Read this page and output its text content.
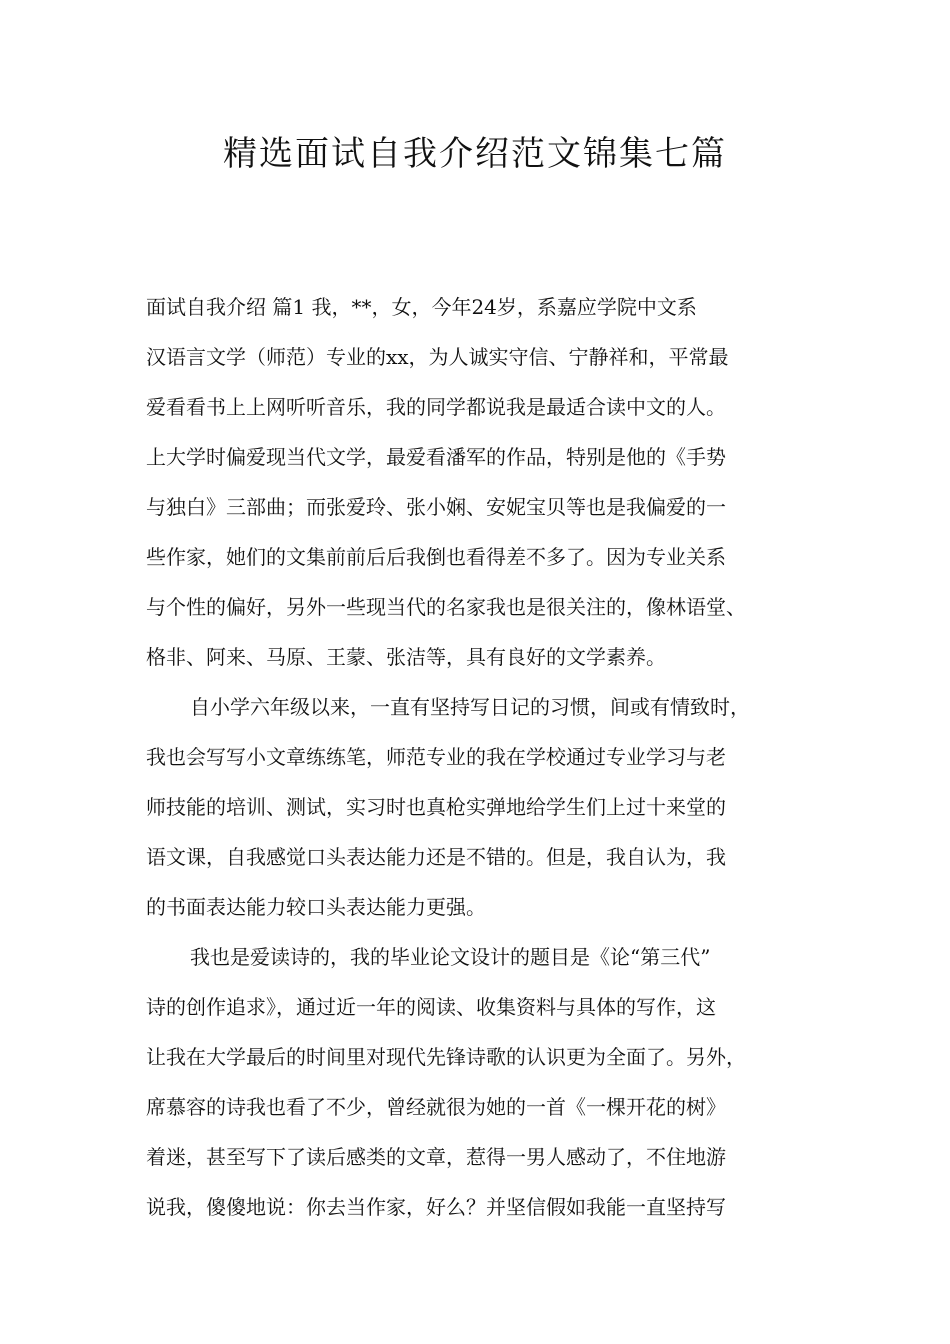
精选面试自我介绍范文锦集七篇
面试自我介绍 篇1 我，**，女，今年24岁，系嘉应学院中文系
汉语言文学（师范）专业的xx，为人诚实守信、宁静祥和，平常最
爱看看书上上网听听音乐，我的同学都说我是最适合读中文的人。
上大学时偏爱现当代文学，最爱看潘军的作品，特别是他的《手势
与独白》三部曲；而张爱玲、张小娴、安妮宝贝等也是我偏爱的一
些作家，她们的文集前前后后我倒也看得差不多了。因为专业关系
与个性的偏好，另外一些现当代的名家我也是很关注的，像林语堂、
格非、阿来、马原、王蒙、张洁等，具有良好的文学素养。
自小学六年级以来，一直有坚持写日记的习惯，间或有情致时，
我也会写写小文章练练笔，师范专业的我在学校通过专业学习与老
师技能的培训、测试，实习时也真枪实弹地给学生们上过十来堂的
语文课，自我感觉口头表达能力还是不错的。但是，我自认为，我
的书面表达能力较口头表达能力更强。
我也是爱读诗的，我的毕业论文设计的题目是《论“第三代”
诗的创作追求》，通过近一年的阅读、收集资料与具体的写作，这
让我在大学最后的时间里对现代先锋诗歌的认识更为全面了。另外，
席慕容的诗我也看了不少，曾经就很为她的一首《一棵开花的树》
着迷，甚至写下了读后感类的文章，惹得一男人感动了，不住地游
说我，傻傻地说：你去当作家，好么？并坚信假如我能一直坚持写
